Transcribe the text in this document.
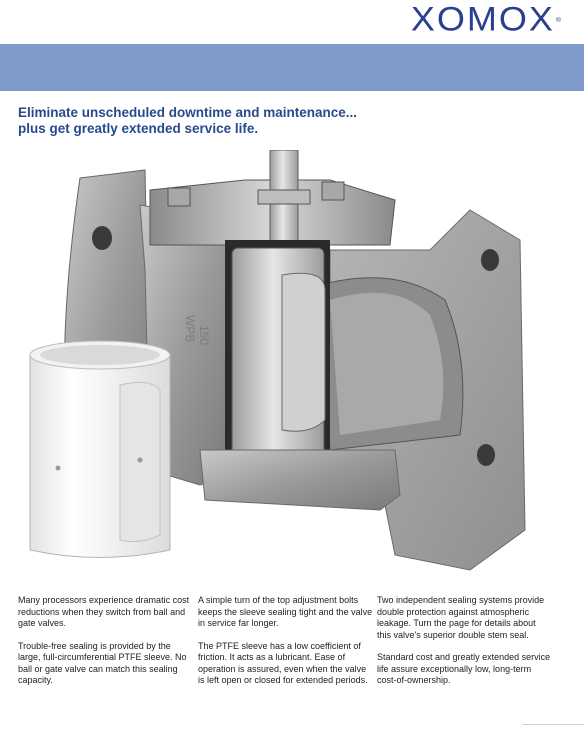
XOMOX®
Eliminate unscheduled downtime and maintenance...
plus get greatly extended service life.
WPB 150

Many processors experience dramatic cost reductions when they switch from ball and gate valves.

Trouble-free sealing is provided by the large, full-circumferential PTFE sleeve. No ball or gate valve can match this sealing capacity.

A simple turn of the top adjustment bolts keeps the sleeve sealing tight and the valve in service far longer.

The PTFE sleeve has a low coefficient of friction. It acts as a lubricant. Ease of operation is assured, even when the valve is left open or closed for extended periods.

Two independent sealing systems provide double protection against atmospheric leakage. Turn the page for details about this valve's superior double stem seal.

Standard cost and greatly extended service life assure exceptionally low, long-term cost-of-ownership.
